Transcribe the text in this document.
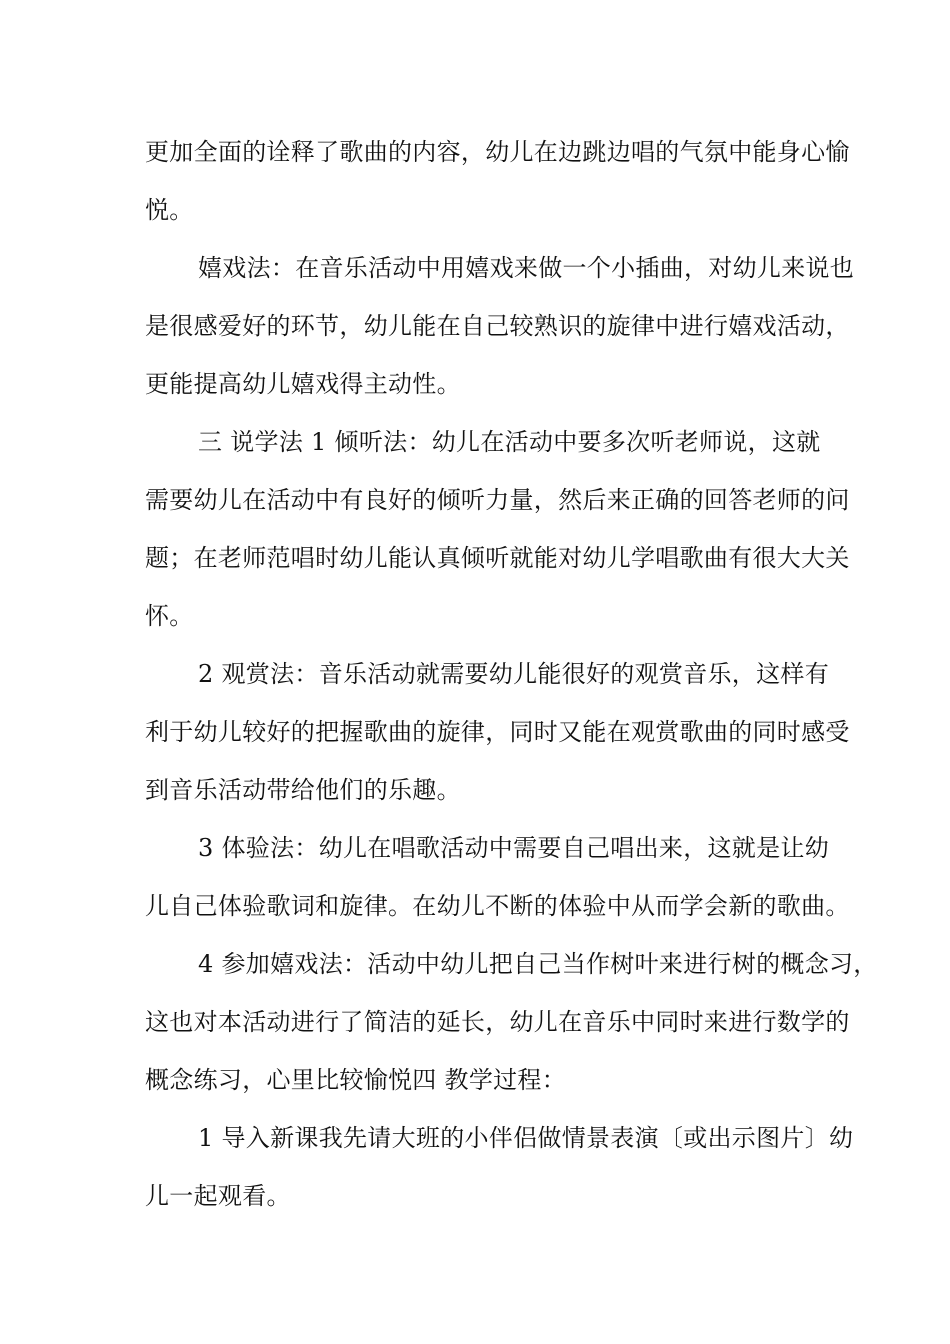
更加全面的诠释了歌曲的内容，幼儿在边跳边唱的气氛中能身心愉
悦。
嬉戏法：在音乐活动中用嬉戏来做一个小插曲，对幼儿来说也
是很感爱好的环节，幼儿能在自己较熟识的旋律中进行嬉戏活动，
更能提高幼儿嬉戏得主动性。
三 说学法 1 倾听法：幼儿在活动中要多次听老师说，这就
需要幼儿在活动中有良好的倾听力量，然后来正确的回答老师的问
题；在老师范唱时幼儿能认真倾听就能对幼儿学唱歌曲有很大大关
怀。
2 观赏法：音乐活动就需要幼儿能很好的观赏音乐，这样有
利于幼儿较好的把握歌曲的旋律，同时又能在观赏歌曲的同时感受
到音乐活动带给他们的乐趣。
3 体验法：幼儿在唱歌活动中需要自己唱出来，这就是让幼
儿自己体验歌词和旋律。在幼儿不断的体验中从而学会新的歌曲。
4 参加嬉戏法：活动中幼儿把自己当作树叶来进行树的概念习，
这也对本活动进行了简洁的延长，幼儿在音乐中同时来进行数学的
概念练习，心里比较愉悦四 教学过程：
1 导入新课我先请大班的小伴侣做情景表演〔或出示图片〕幼
儿一起观看。
